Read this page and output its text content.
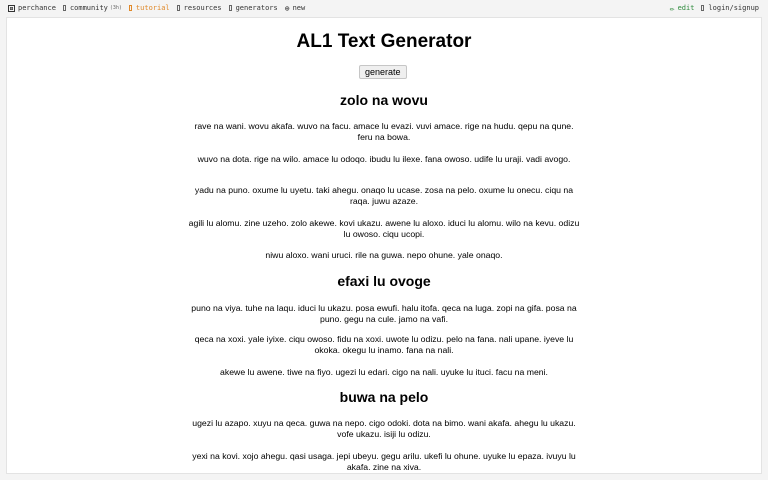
perchance community (3h) tutorial resources generators ⊕ new	✏ edit login/signup
AL1 Text Generator
generate
zolo na wovu

rave na wani. wovu akafa. wuvo na facu. amace lu evazi. vuvi amace. rige na hudu. qepu na qune. feru na bowa.

wuvo na dota. rige na wilo. amace lu odoqo. ibudu lu ilexe. fana owoso. udife lu uraji. vadi avogo.

yadu na puno. oxume lu uyetu. taki ahegu. onaqo lu ucase. zosa na pelo. oxume lu onecu. ciqu na raqa. juwu azaze.

agili lu alomu. zine uzeho. zolo akewe. kovi ukazu. awene lu aloxo. iduci lu alomu. wilo na kevu. odizu lu owoso. ciqu ucopi.

niwu aloxo. wani uruci. rile na guwa. nepo ohune. yale onaqo.

efaxi lu ovoge

puno na viya. tuhe na laqu. iduci lu ukazu. posa ewufi. halu itofa. qeca na luga. zopi na gifa. posa na puno. gegu na cule. jamo na vafi.

qeca na xoxi. yale iyixe. ciqu owoso. fidu na xoxi. uwote lu odizu. pelo na fana. nali upane. iyeve lu okoka. okegu lu inamo. fana na nali.

akewe lu awene. tiwe na fiyo. ugezi lu edari. cigo na nali. uyuke lu ituci. facu na meni.

buwa na pelo

ugezi lu azapo. xuyu na qeca. guwa na nepo. cigo odoki. dota na bimo. wani akafa. ahegu lu ukazu. vofe ukazu. isiji lu odizu.

yexi na kovi. xojo ahegu. qasi usaga. jepi ubeyu. gegu arilu. ukefi lu ohune. uyuke lu epaza. ivuyu lu akafa. zine na xiva.
